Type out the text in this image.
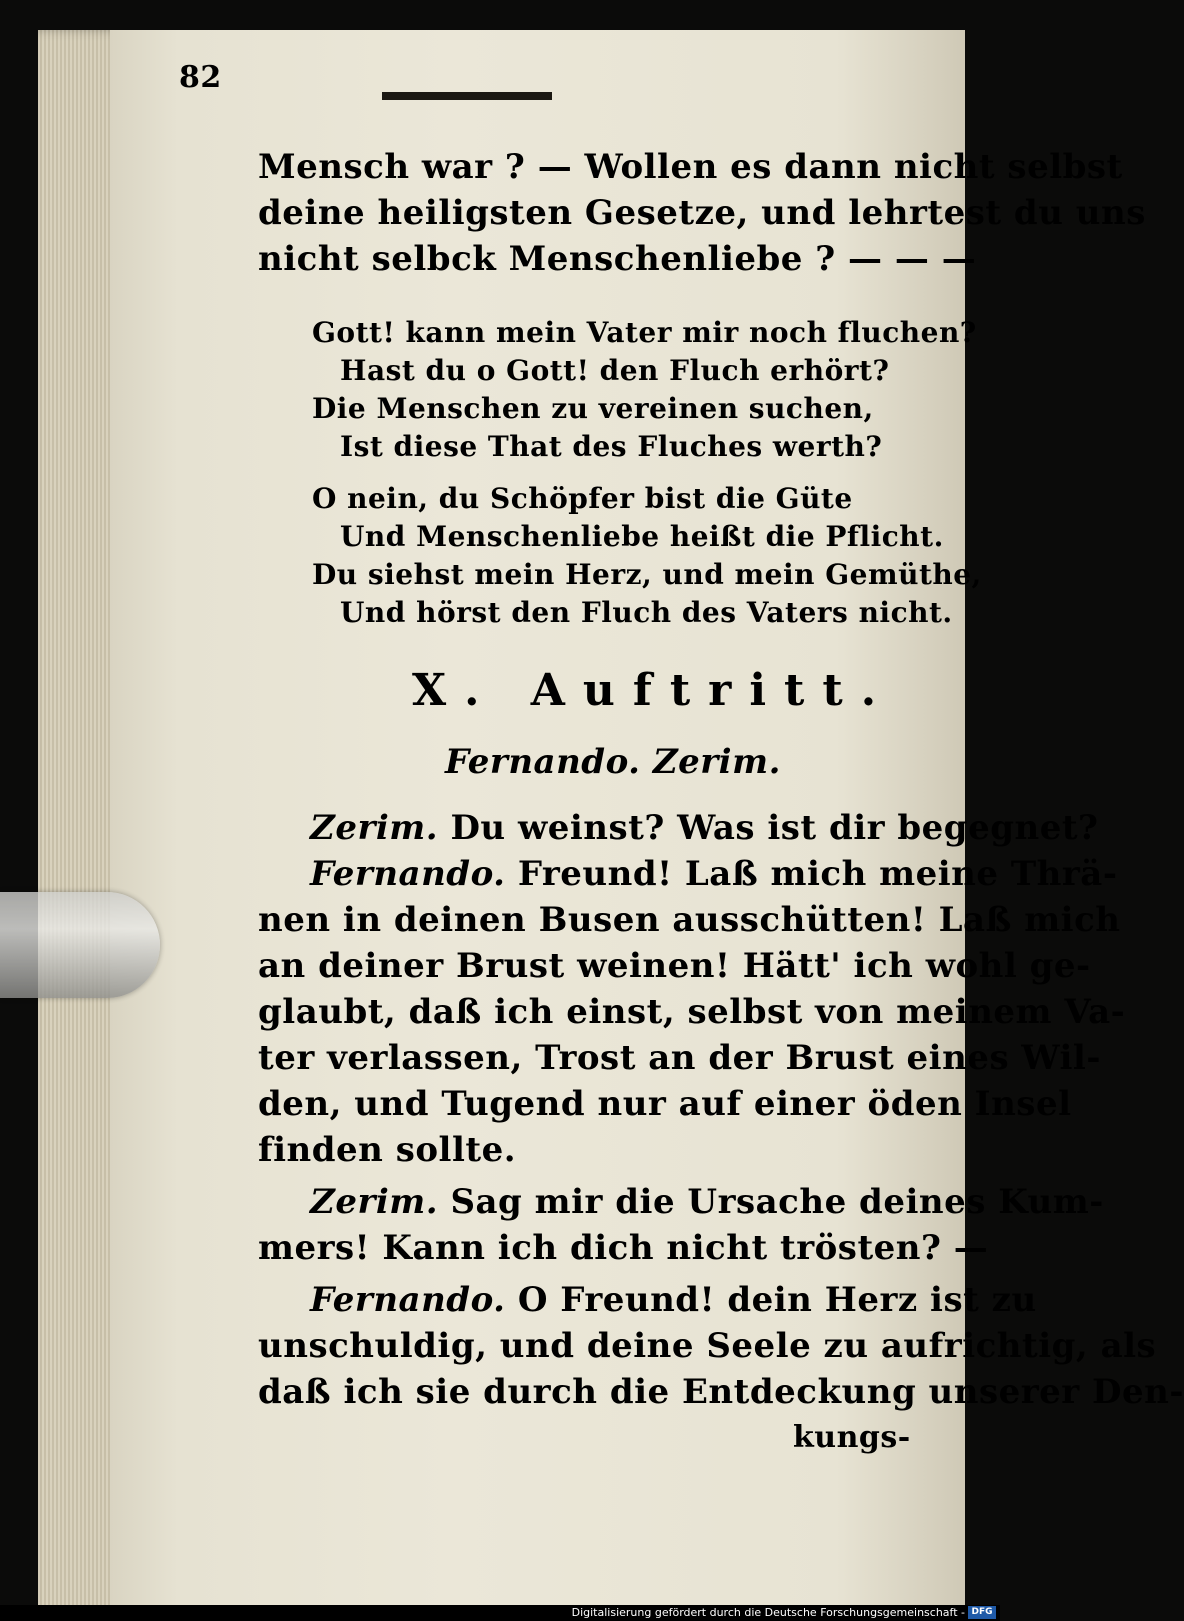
82
Mensch war ? — Wollen es dann nicht selbst
deine heiligsten Gesetze, und lehrtest du uns
nicht selbck Menschenliebe ? — — —
Gott! kann mein Vater mir noch fluchen?
Hast du o Gott! den Fluch erhört?
Die Menschen zu vereinen suchen,
Ist diese That des Fluches werth?
O nein, du Schöpfer bist die Güte
Und Menschenliebe heißt die Pflicht.
Du siehst mein Herz, und mein Gemüthe,
Und hörst den Fluch des Vaters nicht.
X. Auftritt.
Fernando. Zerim.
Zerim. Du weinst? Was ist dir begegnet?
Fernando. Freund! Laß mich meine Thrä-
nen in deinen Busen ausschütten! Laß mich
an deiner Brust weinen! Hätt' ich wohl ge-
glaubt, daß ich einst, selbst von meinem Va-
ter verlassen, Trost an der Brust eines Wil-
den, und Tugend nur auf einer öden Insel
finden sollte.
Zerim. Sag mir die Ursache deines Kum-
mers! Kann ich dich nicht trösten? —
Fernando. O Freund! dein Herz ist zu
unschuldig, und deine Seele zu aufrichtig, als
daß ich sie durch die Entdeckung unserer Den-
kungs-
Digitalisierung gefördert durch die Deutsche Forschungsgemeinschaft - DFG
